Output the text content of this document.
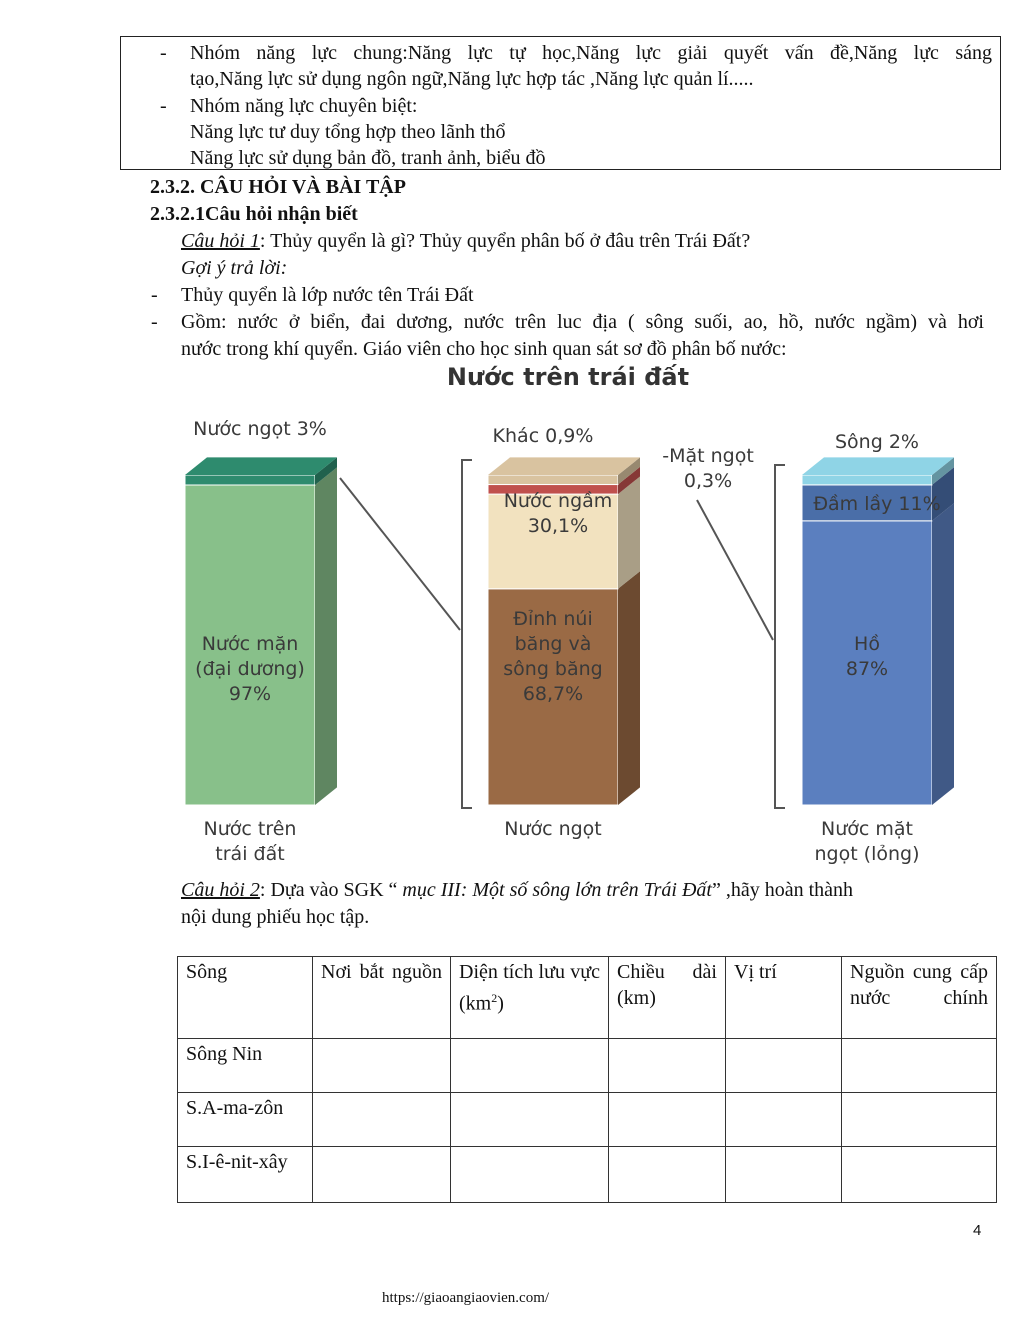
- Nhóm năng lực chung:Năng lực tự học,Năng lực giải quyết vấn đề,Năng lực sáng
tạo,Năng lực sử dụng ngôn ngữ,Năng lực hợp tác ,Năng lực quản lí.....
- Nhóm năng lực chuyên biệt:
Năng lực tư duy tổng hợp theo lãnh thổ
Năng lực sử dụng bản đồ, tranh ảnh, biểu đồ
2.3.2. CÂU HỎI VÀ BÀI TẬP
2.3.2.1Câu hỏi nhận biết
Câu hỏi 1: Thủy quyển là gì? Thủy quyển phân bố ở đâu trên Trái Đất?
Gợi ý trả lời:
- Thủy quyển là lớp nước tên Trái Đất
- Gồm: nước ở biển, đai dương, nước trên luc địa ( sông suối, ao, hồ, nước ngầm) và hơi
nước trong khí quyển. Giáo viên cho học sinh quan sát sơ đồ phân bố nước:
Nước trên trái đất
Nước trên
trái đất
Nước ngọt	Nước mặt
ngọt (lỏng)
Nước mặn
(đại dương)
97%
Nước ngọt 3%
Đỉnh núi
băng và
sông băng
68,7%
Nước ngầm
30,1%
Khác 0,9%
-Mặt ngọt
0,3%
Hồ
87%
Đầm lầy 11%
Sông 2%
Câu hỏi 2: Dựa vào SGK “ mục III: Một số sông lớn trên Trái Đất” ,hãy hoàn thành
nội dung phiếu học tập.
Sông	Nơi bắt nguồn	Diện tích lưu vực $(km^2)$	Chiều dài (km)	Vị trí	Nguồn cung cấp nước chính
Sông Nin					
S.A-ma-zôn					
S.I-ê-nit-xây					
4
https://giaoangiaovien.com/
